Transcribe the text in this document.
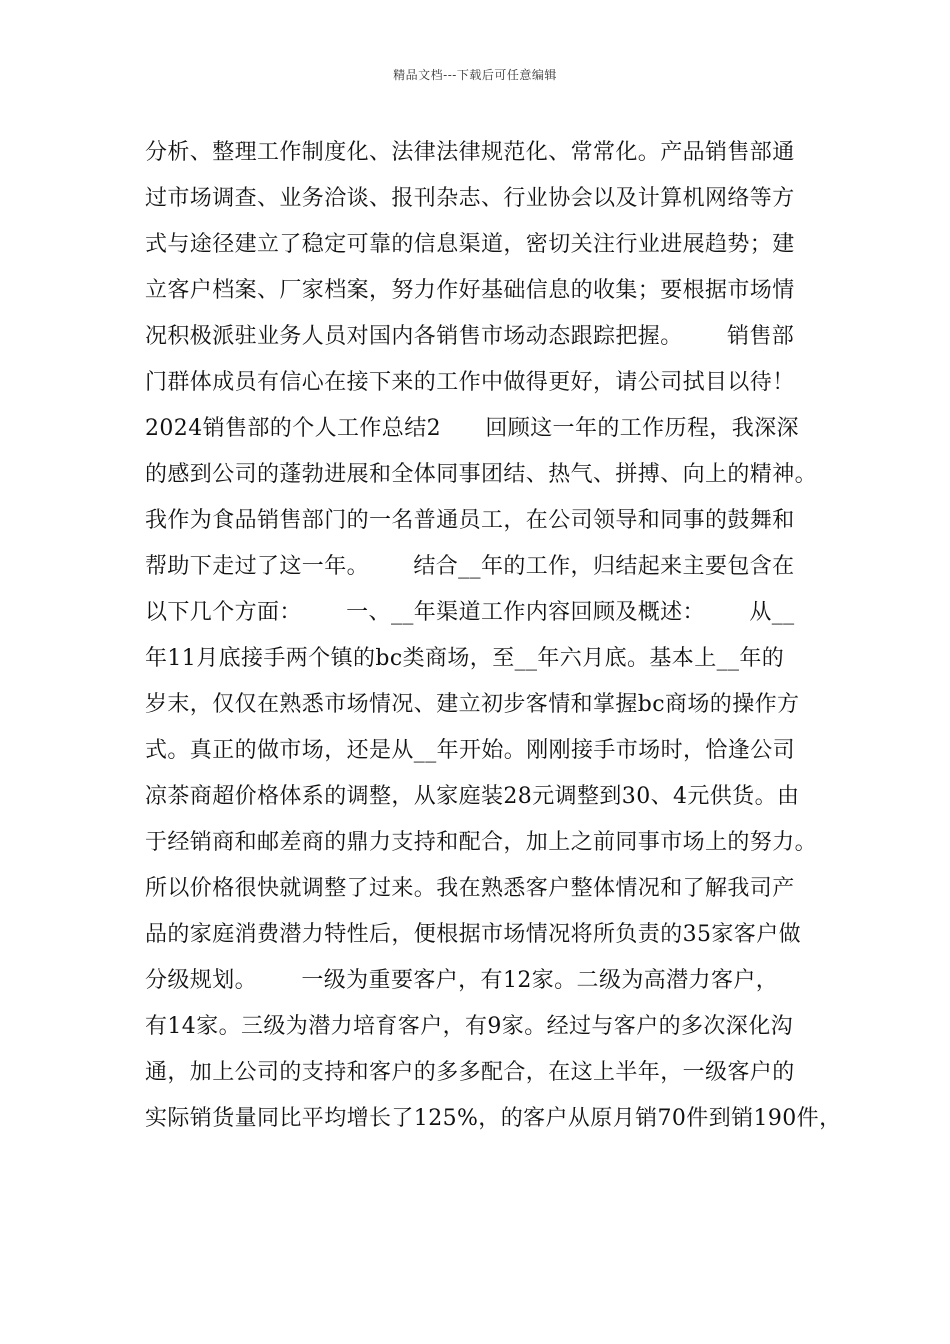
精品文档---下载后可任意编辑
分析、整理工作制度化、法律法律规范化、常常化。产品销售部通
过市场调查、业务洽谈、报刊杂志、行业协会以及计算机网络等方
式与途径建立了稳定可靠的信息渠道，密切关注行业进展趋势；建
立客户档案、厂家档案，努力作好基础信息的收集；要根据市场情
况积极派驻业务人员对国内各销售市场动态跟踪把握。      销售部
门群体成员有信心在接下来的工作中做得更好，请公司拭目以待！
2024销售部的个人工作总结2      回顾这一年的工作历程，我深深
的感到公司的蓬勃进展和全体同事团结、热气、拼搏、向上的精神。
我作为食品销售部门的一名普通员工，在公司领导和同事的鼓舞和
帮助下走过了这一年。      结合__年的工作，归结起来主要包含在
以下几个方面：      一、__年渠道工作内容回顾及概述：      从__
年11月底接手两个镇的bc类商场，至__年六月底。基本上__年的
岁末，仅仅在熟悉市场情况、建立初步客情和掌握bc商场的操作方
式。真正的做市场，还是从__年开始。刚刚接手市场时，恰逢公司
凉茶商超价格体系的调整，从家庭装28元调整到30、4元供货。由
于经销商和邮差商的鼎力支持和配合，加上之前同事市场上的努力。
所以价格很快就调整了过来。我在熟悉客户整体情况和了解我司产
品的家庭消费潜力特性后，便根据市场情况将所负责的35家客户做
分级规划。      一级为重要客户，有12家。二级为高潜力客户，
有14家。三级为潜力培育客户，有9家。经过与客户的多次深化沟
通，加上公司的支持和客户的多多配合，在这上半年，一级客户的
实际销货量同比平均增长了125%，的客户从原月销70件到销190件，
